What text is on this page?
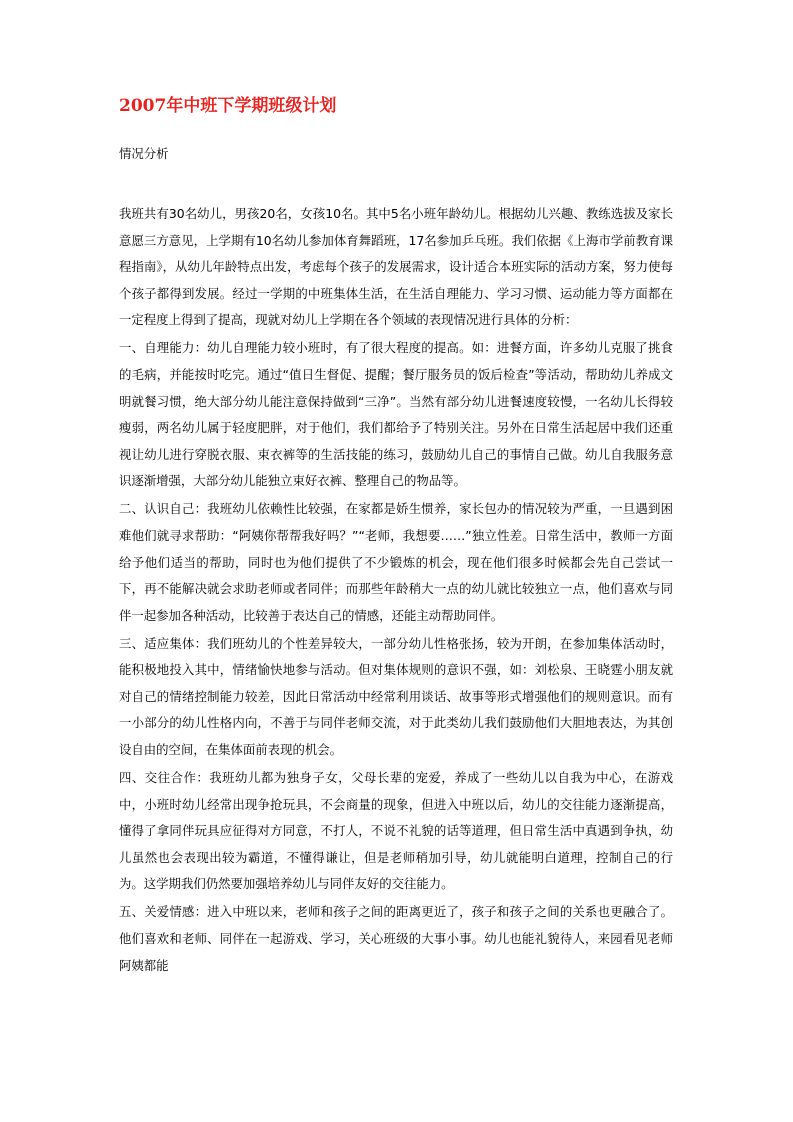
2007年中班下学期班级计划
情况分析

我班共有30名幼儿，男孩20名，女孩10名。其中5名小班年龄幼儿。根据幼儿兴趣、教练选拔及家长意愿三方意见，上学期有10名幼儿参加体育舞蹈班，17名参加乒乓班。我们依据《上海市学前教育课程指南》，从幼儿年龄特点出发，考虑每个孩子的发展需求，设计适合本班实际的活动方案，努力使每个孩子都得到发展。经过一学期的中班集体生活，在生活自理能力、学习习惯、运动能力等方面都在一定程度上得到了提高，现就对幼儿上学期在各个领域的表现情况进行具体的分析：

一、自理能力：幼儿自理能力较小班时，有了很大程度的提高。如：进餐方面，许多幼儿克服了挑食的毛病，并能按时吃完。通过“值日生督促、提醒；餐厅服务员的饭后检查”等活动，帮助幼儿养成文明就餐习惯，绝大部分幼儿能注意保持做到“三净”。当然有部分幼儿进餐速度较慢，一名幼儿长得较瘦弱，两名幼儿属于轻度肥胖，对于他们，我们都给予了特别关注。另外在日常生活起居中我们还重视让幼儿进行穿脱衣服、束衣裤等的生活技能的练习，鼓励幼儿自己的事情自己做。幼儿自我服务意识逐渐增强，大部分幼儿能独立束好衣裤、整理自己的物品等。

二、认识自己：我班幼儿依赖性比较强，在家都是娇生惯养，家长包办的情况较为严重，一旦遇到困难他们就寻求帮助：“阿姨你帮帮我好吗？”“老师，我想要……”独立性差。日常生活中，教师一方面给予他们适当的帮助，同时也为他们提供了不少锻炼的机会，现在他们很多时候都会先自己尝试一下，再不能解决就会求助老师或者同伴；而那些年龄稍大一点的幼儿就比较独立一点，他们喜欢与同伴一起参加各种活动，比较善于表达自己的情感，还能主动帮助同伴。

三、适应集体：我们班幼儿的个性差异较大，一部分幼儿性格张扬，较为开朗，在参加集体活动时，能积极地投入其中，情绪愉快地参与活动。但对集体规则的意识不强，如：刘松泉、王晓霆小朋友就对自己的情绪控制能力较差，因此日常活动中经常利用谈话、故事等形式增强他们的规则意识。而有一小部分的幼儿性格内向，不善于与同伴老师交流，对于此类幼儿我们鼓励他们大胆地表达，为其创设自由的空间，在集体面前表现的机会。

四、交往合作：我班幼儿都为独身子女，父母长辈的宠爱，养成了一些幼儿以自我为中心，在游戏中，小班时幼儿经常出现争抢玩具，不会商量的现象，但进入中班以后，幼儿的交往能力逐渐提高，懂得了拿同伴玩具应征得对方同意，不打人，不说不礼貌的话等道理，但日常生活中真遇到争执，幼儿虽然也会表现出较为霸道，不懂得谦让，但是老师稍加引导，幼儿就能明白道理，控制自己的行为。这学期我们仍然要加强培养幼儿与同伴友好的交往能力。

五、关爱情感：进入中班以来，老师和孩子之间的距离更近了，孩子和孩子之间的关系也更融合了。他们喜欢和老师、同伴在一起游戏、学习，关心班级的大事小事。幼儿也能礼貌待人，来园看见老师阿姨都能
